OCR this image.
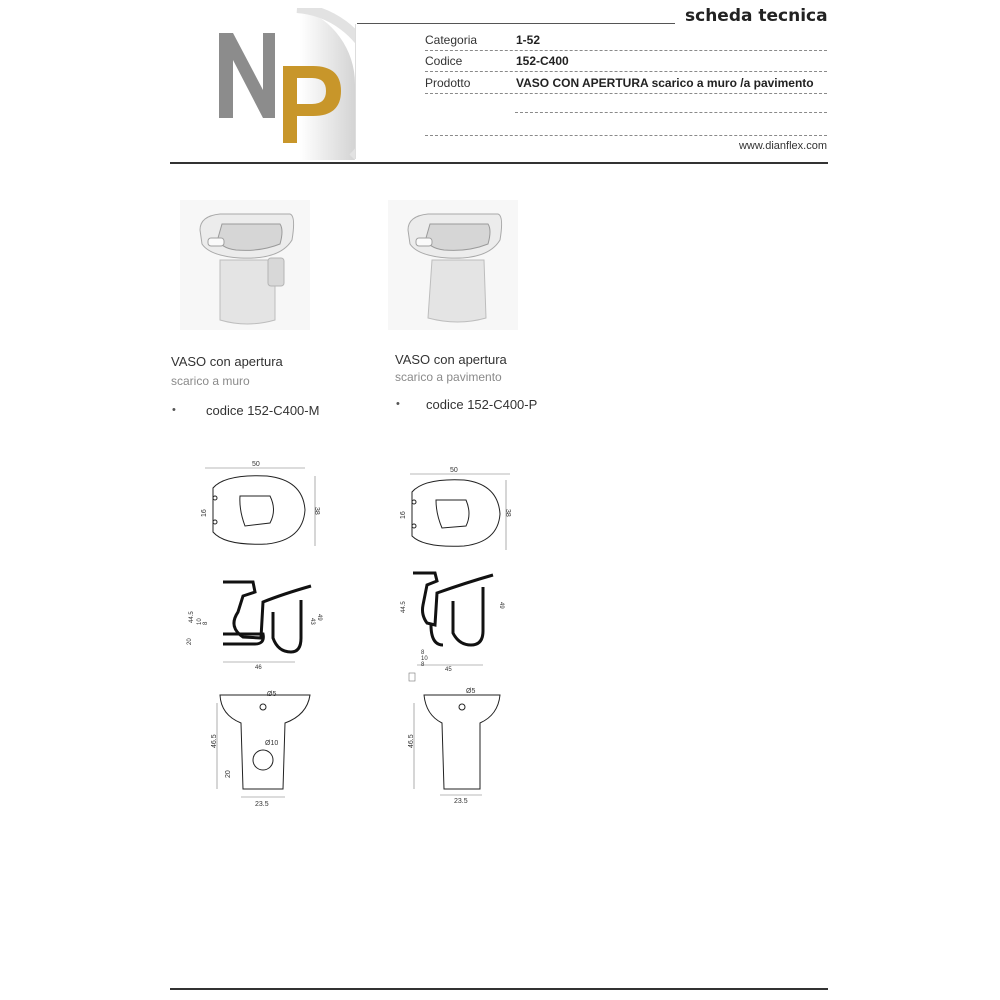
scheda tecnica
Categoria	1-52
Codice	152-C400
Prodotto	VASO CON APERTURA scarico a muro /a pavimento
www.dianflex.com
VASO con apertura
scarico a muro
• codice 152-C400-M
VASO con apertura
scarico a pavimento
• codice 152-C400-P
50
38
16
46
44.5 10 8
20
43
49
Ø5
Ø10
46.5
20
23.5
50
38
16
45
8
10
8
44.5	49
Ø5
46.5
23.5
